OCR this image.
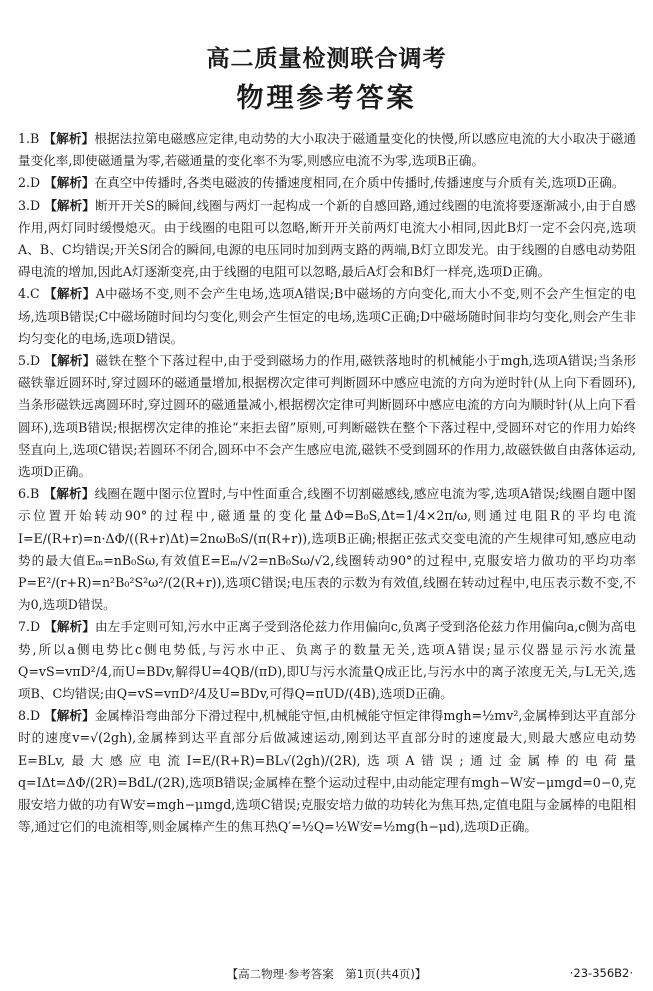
高二质量检测联合调考
物理参考答案

1.B 【解析】根据法拉第电磁感应定律,电动势的大小取决于磁通量变化的快慢,所以感应电流的大小取决于磁通量变化率,即使磁通量为零,若磁通量的变化率不为零,则感应电流不为零,选项B正确。

2.D 【解析】在真空中传播时,各类电磁波的传播速度相同,在介质中传播时,传播速度与介质有关,选项D正确。

3.D 【解析】断开开关S的瞬间,线圈与两灯一起构成一个新的自感回路,通过线圈的电流将要逐渐减小,由于自感作用,两灯同时缓慢熄灭。由于线圈的电阻可以忽略,断开开关前两灯电流大小相同,因此B灯一定不会闪亮,选项A、B、C均错误;开关S闭合的瞬间,电源的电压同时加到两支路的两端,B灯立即发光。由于线圈的自感电动势阻碍电流的增加,因此A灯逐渐变亮,由于线圈的电阻可以忽略,最后A灯会和B灯一样亮,选项D正确。

4.C 【解析】A中磁场不变,则不会产生电场,选项A错误;B中磁场的方向变化,而大小不变,则不会产生恒定的电场,选项B错误;C中磁场随时间均匀变化,则会产生恒定的电场,选项C正确;D中磁场随时间非均匀变化,则会产生非均匀变化的电场,选项D错误。

5.D 【解析】磁铁在整个下落过程中,由于受到磁场力的作用,磁铁落地时的机械能小于mgh,选项A错误;当条形磁铁靠近圆环时,穿过圆环的磁通量增加,根据楞次定律可判断圆环中感应电流的方向为逆时针(从上向下看圆环),当条形磁铁远离圆环时,穿过圆环的磁通量减小,根据楞次定律可判断圆环中感应电流的方向为顺时针(从上向下看圆环),选项B错误;根据楞次定律的推论“来拒去留”原则,可判断磁铁在整个下落过程中,受圆环对它的作用力始终竖直向上,选项C错误;若圆环不闭合,圆环中不会产生感应电流,磁铁不受到圆环的作用力,故磁铁做自由落体运动,选项D正确。

6.B 【解析】线圈在题中图示位置时,与中性面重合,线圈不切割磁感线,感应电流为零,选项A错误;线圈自题中图示位置开始转动90°的过程中,磁通量的变化量ΔΦ=B₀S,Δt=1/4×2π/ω,则通过电阻R的平均电流I=E/(R+r)=n·ΔΦ/((R+r)Δt)=2nωB₀S/(π(R+r)),选项B正确;根据正弦式交变电流的产生规律可知,感应电动势的最大值Eₘ=nB₀Sω,有效值E=Eₘ/√2=nB₀Sω/√2,线圈转动90°的过程中,克服安培力做功的平均功率P=E²/(r+R)=n²B₀²S²ω²/(2(R+r)),选项C错误;电压表的示数为有效值,线圈在转动过程中,电压表示数不变,不为0,选项D错误。

7.D 【解析】由左手定则可知,污水中正离子受到洛伦兹力作用偏向c,负离子受到洛伦兹力作用偏向a,c侧为高电势,所以a侧电势比c侧电势低,与污水中正、负离子的数量无关,选项A错误;显示仪器显示污水流量Q=vS=vπD²/4,而U=BDv,解得U=4QB/(πD),即U与污水流量Q成正比,与污水中的离子浓度无关,与L无关,选项B、C均错误;由Q=vS=vπD²/4及U=BDv,可得Q=πUD/(4B),选项D正确。

8.D 【解析】金属棒沿弯曲部分下滑过程中,机械能守恒,由机械能守恒定律得mgh=½mv²,金属棒到达平直部分时的速度v=√(2gh),金属棒到达平直部分后做减速运动,刚到达平直部分时的速度最大,则最大感应电动势E=BLv,最大感应电流I=E/(R+R)=BL√(2gh)/(2R),选项A错误;通过金属棒的电荷量q=IΔt=ΔΦ/(2R)=BdL/(2R),选项B错误;金属棒在整个运动过程中,由动能定理有mgh−W安−μmgd=0−0,克服安培力做的功有W安=mgh−μmgd,选项C错误;克服安培力做的功转化为焦耳热,定值电阻与金属棒的电阻相等,通过它们的电流相等,则金属棒产生的焦耳热Q′=½Q=½W安=½mg(h−μd),选项D正确。

【高二物理·参考答案　第1页(共4页)】	·23-356B2·
